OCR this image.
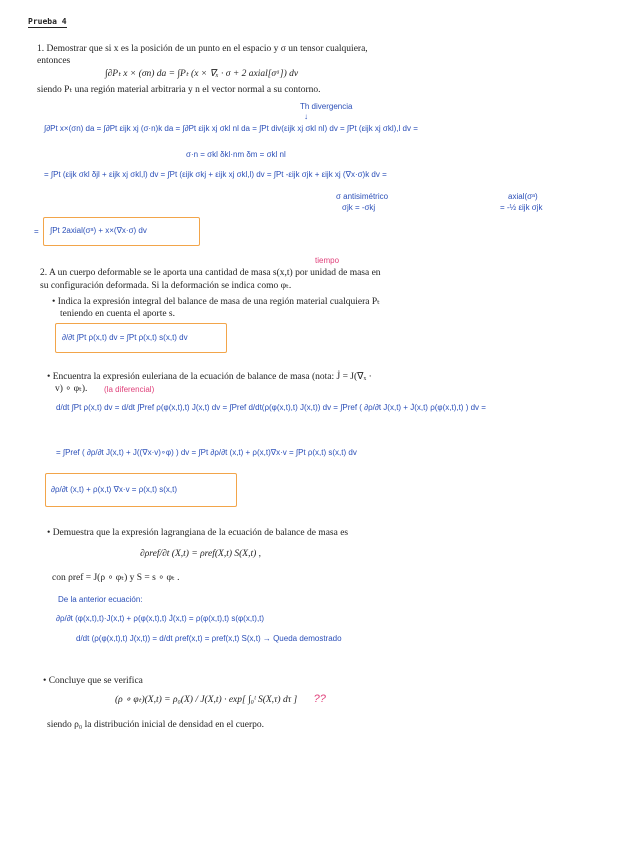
Prueba 4
1. Demostrar que si x es la posición de un punto en el espacio y σ un tensor cualquiera,
entonces
∫∂Pₜ x × (σn) da = ∫Pₜ (x × ∇ₓ · σ + 2 axial[σᵃ]) dv
siendo Pₜ una región material arbitraria y n el vector normal a su contorno.
Th divergencia
↓
∫∂Pt x×(σn) da = ∫∂Pt εijk xj (σ·n)k da = ∫∂Pt εijk xj σkl nl da = ∫Pt div(εijk xj σkl nl) dv = ∫Pt (εijk xj σkl),l dv =
σ·n = σkl δkl·nm δm = σkl nl
= ∫Pt (εijk σkl δjl + εijk xj σkl,l) dv = ∫Pt (εijk σkj + εijk xj σkl,l) dv = ∫Pt -εijk σjk + εijk xj (∇x·σ)k dv =
σ antisimétrico
σjk = -σkj
axial(σᵃ)
= -½ εijk σjk
= ∫Pt 2axial(σᵃ) + x×(∇x·σ) dv
tiempo
2. A un cuerpo deformable se le aporta una cantidad de masa s(x,t) por unidad de masa en
su configuración deformada. Si la deformación se indica como φₜ.
• Indica la expresión integral del balance de masa de una región material cualquiera Pₜ
teniendo en cuenta el aporte s.
∂/∂t ∫Pt ρ(x,t) dv = ∫Pt ρ(x,t) s(x,t) dv
• Encuentra la expresión euleriana de la ecuación de balance de masa (nota: J̇ = J(∇ₓ ·
v) ∘ φₜ). (la diferencial)
d/dt ∫Pt ρ(x,t) dv = d/dt ∫Pref ρ(φ(x,t),t) J(x,t) dv = ∫Pref d/dt(ρ(φ(x,t),t) J(x,t)) dv = ∫Pref ( ∂ρ/∂t J(x,t) + J̇(x,t) ρ(φ(x,t),t) ) dv =
= ∫Pref ( ∂ρ/∂t J(x,t) + J((∇x·v)∘φ) ) dv = ∫Pt ∂ρ/∂t (x,t) + ρ(x,t)∇x·v = ∫Pt ρ(x,t) s(x,t) dv
∂ρ/∂t (x,t) + ρ(x,t) ∇x·v = ρ(x,t) s(x,t)
• Demuestra que la expresión lagrangiana de la ecuación de balance de masa es
∂ρref/∂t (X,t) = ρref(X,t) S(X,t) ,
con ρref = J(ρ ∘ φₜ) y S = s ∘ φₜ .
De la anterior ecuación:
∂ρ/∂t (φ(x,t),t)·J(x,t) + ρ(φ(x,t),t) J̇(x,t) = ρ(φ(x,t),t) s(φ(x,t),t)
d/dt (ρ(φ(x,t),t) J(x,t)) = d/dt ρref(x,t) = ρref(x,t) S(x,t) → Queda demostrado
• Concluye que se verifica
(ρ ∘ φₜ)(X,t) = ρ₀(X) / J(X,t) · exp[ ∫₀ᵗ S(X,τ) dτ ] ??
siendo ρ₀ la distribución inicial de densidad en el cuerpo.
